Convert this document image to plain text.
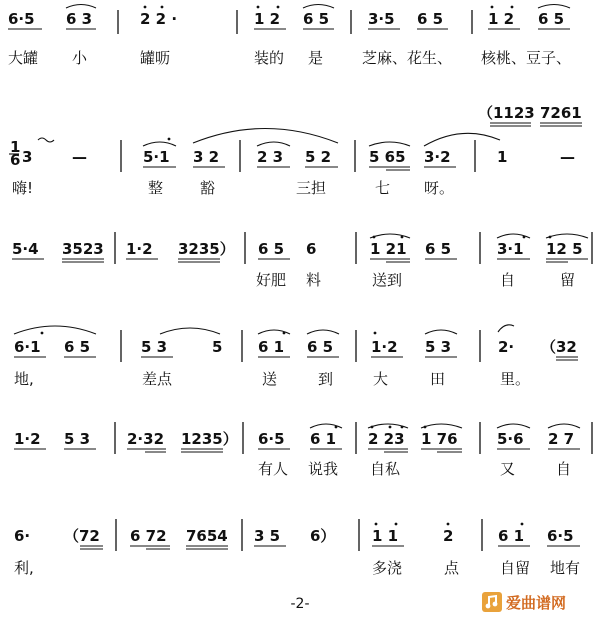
6·5 6 3	2 2 ·	1 2 6 5	3·5 6 5	1 2 6 5
大罐 小	罐呖	装的 是	芝麻、花生、 核桃、豆子、
（1123 7261
1
6 3	—	5·1 3 2	2 3 5 2	5 65 3·2	1	—
嗨!	整 豁	三担	七 呀。
5·4 3523 1·2 3235） 6 5 6	1 21 6 5	3·1 12 5
好肥 料	送到	自	留
6·1 6 5	5 3	5 6 1 6 5	1·2 5 3	2· （32
地,	差点	送	到	大	田	里。
1·2 5 3 2·32 1235） 6·5 6 1 2 23 1 76	5·6 2 7
有人 说我 自私	又	自
6· （72 6 72 7654 3 5 6） 1 1	2	6 1 6·5
利,	多浇	点	自留 地有
-2-	爱曲谱网
